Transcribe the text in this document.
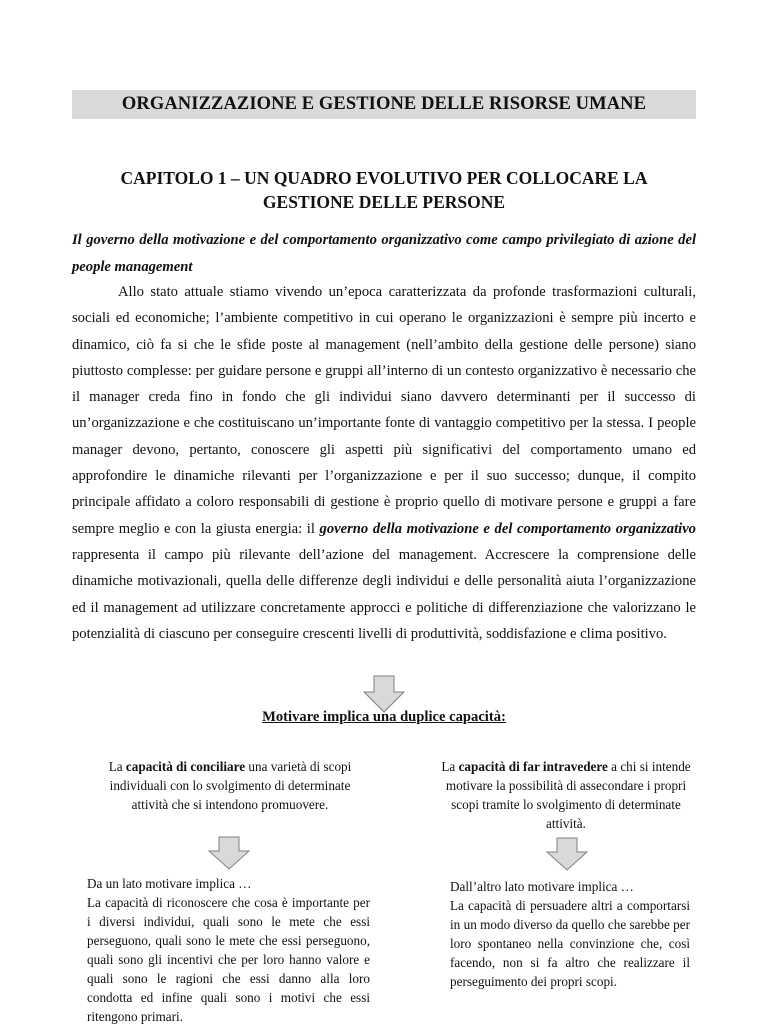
ORGANIZZAZIONE E GESTIONE DELLE RISORSE UMANE
CAPITOLO 1 – UN QUADRO EVOLUTIVO PER COLLOCARE LA
GESTIONE DELLE PERSONE
Il governo della motivazione e del comportamento organizzativo come campo privilegiato di azione del people management
Allo stato attuale stiamo vivendo un’epoca caratterizzata da profonde trasformazioni culturali, sociali ed economiche; l’ambiente competitivo in cui operano le organizzazioni è sempre più incerto e dinamico, ciò fa si che le sfide poste al management (nell’ambito della gestione delle persone) siano piuttosto complesse: per guidare persone e gruppi all’interno di un contesto organizzativo è necessario che il manager creda fino in fondo che gli individui siano davvero determinanti per il successo di un’organizzazione e che costituiscano un’importante fonte di vantaggio competitivo per la stessa. I people manager devono, pertanto, conoscere gli aspetti più significativi del comportamento umano ed approfondire le dinamiche rilevanti per l’organizzazione e per il suo successo; dunque, il compito principale affidato a coloro responsabili di gestione è proprio quello di motivare persone e gruppi a fare sempre meglio e con la giusta energia: il governo della motivazione e del comportamento organizzativo rappresenta il campo più rilevante dell’azione del management. Accrescere la comprensione delle dinamiche motivazionali, quella delle differenze degli individui e delle personalità aiuta l’organizzazione ed il management ad utilizzare concretamente approcci e politiche di differenziazione che valorizzano le potenzialità di ciascuno per conseguire crescenti livelli di produttività, soddisfazione e clima positivo.
Motivare implica una duplice capacità:
La capacità di conciliare una varietà di scopi individuali con lo svolgimento di determinate attività che si intendono promuovere.
La capacità di far intravedere a chi si intende motivare la possibilità di assecondare i propri scopi tramite lo svolgimento di determinate attività.
Da un lato motivare implica …
La capacità di riconoscere che cosa è importante per i diversi individui, quali sono le mete che essi perseguono, quali sono le mete che essi perseguono, quali sono gli incentivi che per loro hanno valore e quali sono le ragioni che essi danno alla loro condotta ed infine quali sono i motivi che essi ritengono primari.
Dall’altro lato motivare implica …
La capacità di persuadere altri a comportarsi in un modo diverso da quello che sarebbe per loro spontaneo nella convinzione che, così facendo, non si fa altro che realizzare il perseguimento dei propri scopi.
